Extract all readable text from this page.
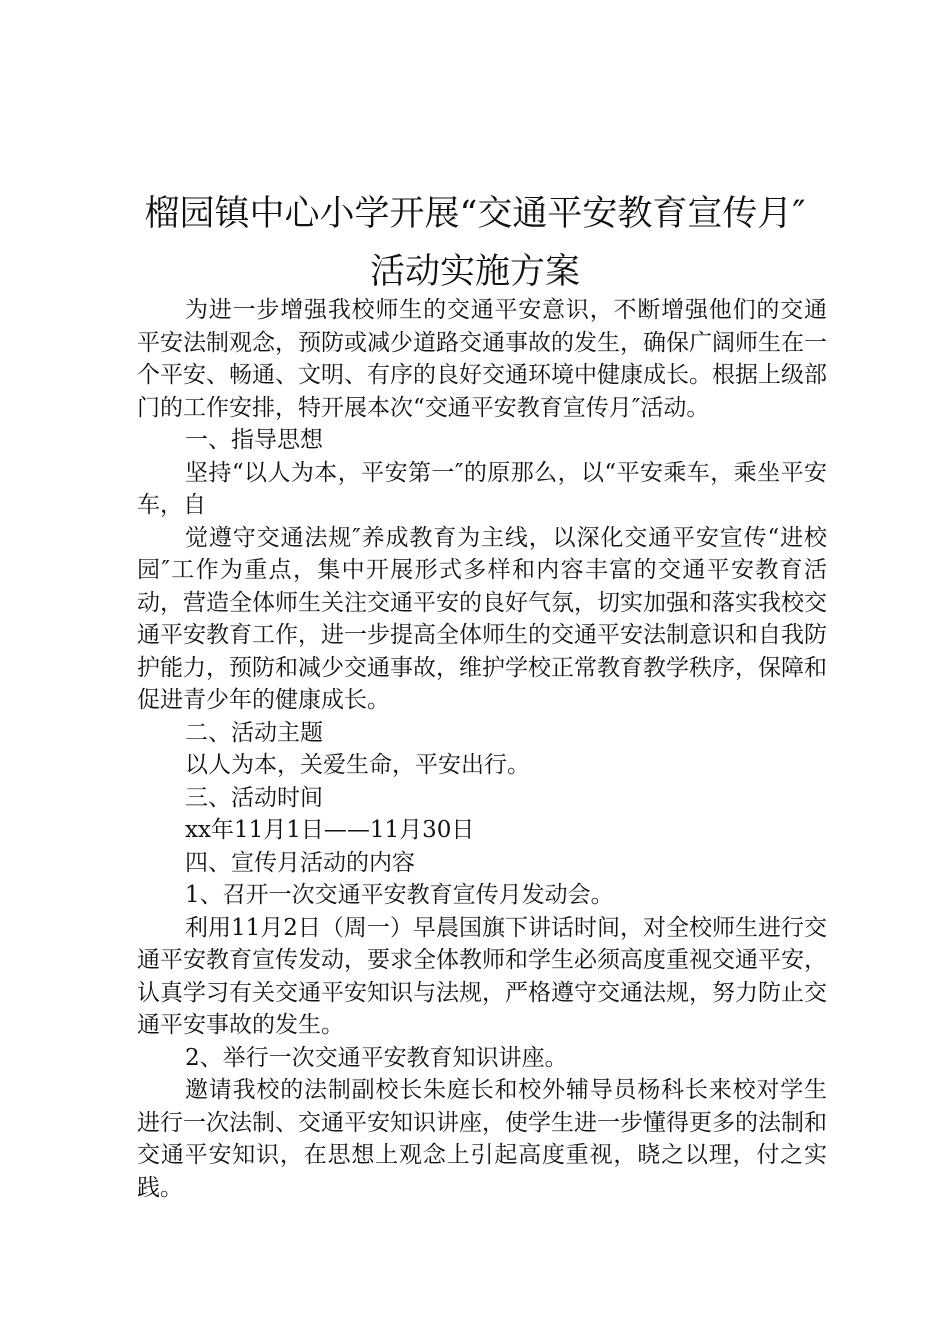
榴园镇中心小学开展“交通平安教育宣传月″
活动实施方案

为进一步增强我校师生的交通平安意识，不断增强他们的交通平安法制观念，预防或减少道路交通事故的发生，确保广阔师生在一个平安、畅通、文明、有序的良好交通环境中健康成长。根据上级部门的工作安排，特开展本次“交通平安教育宣传月″活动。

一、指导思想

坚持“以人为本，平安第一″的原那么，以“平安乘车，乘坐平安车，自

觉遵守交通法规″养成教育为主线，以深化交通平安宣传“进校园″工作为重点，集中开展形式多样和内容丰富的交通平安教育活动，营造全体师生关注交通平安的良好气氛，切实加强和落实我校交通平安教育工作，进一步提高全体师生的交通平安法制意识和自我防护能力，预防和减少交通事故，维护学校正常教育教学秩序，保障和促进青少年的健康成长。

二、活动主题

以人为本，关爱生命，平安出行。

三、活动时间

xx年11月1日——11月30日

四、宣传月活动的内容

1、召开一次交通平安教育宣传月发动会。

利用11月2日（周一）早晨国旗下讲话时间，对全校师生进行交通平安教育宣传发动，要求全体教师和学生必须高度重视交通平安，认真学习有关交通平安知识与法规，严格遵守交通法规，努力防止交通平安事故的发生。

2、举行一次交通平安教育知识讲座。

邀请我校的法制副校长朱庭长和校外辅导员杨科长来校对学生进行一次法制、交通平安知识讲座，使学生进一步懂得更多的法制和交通平安知识，在思想上观念上引起高度重视，晓之以理，付之实践。
